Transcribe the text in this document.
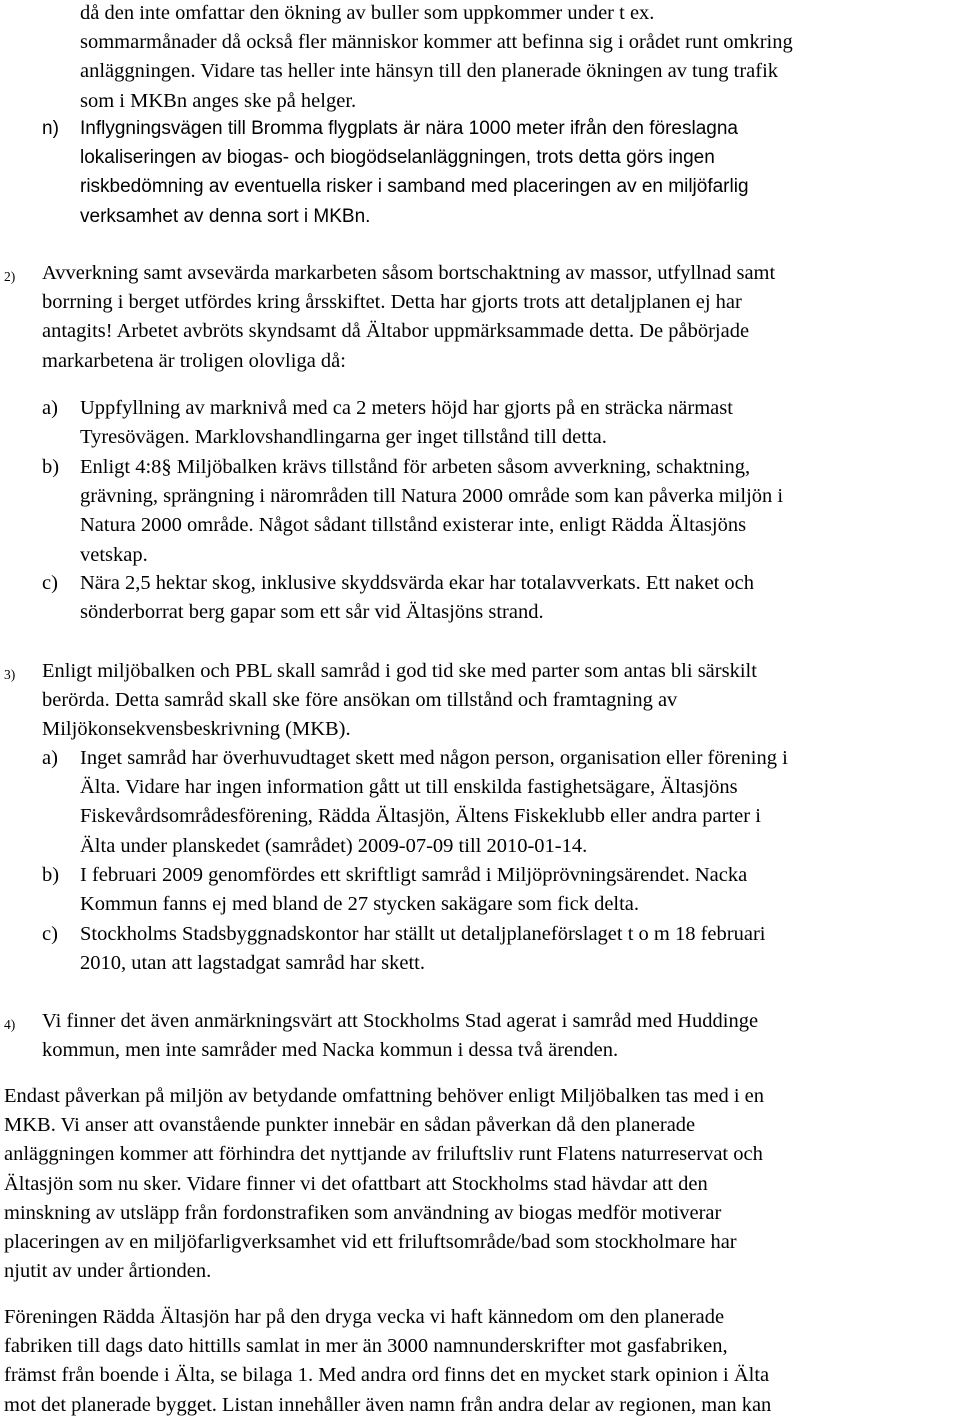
då den inte omfattar den ökning av buller som uppkommer under t ex.
sommarmånader då också fler människor kommer att befinna sig i orådet runt omkring
anläggningen. Vidare tas heller inte hänsyn till den planerade ökningen av tung trafik
som i MKBn anges ske på helger.
n) Inflygningsvägen till Bromma flygplats är nära 1000 meter ifrån den föreslagna
lokaliseringen av biogas- och biogödselanläggningen, trots detta görs ingen
riskbedömning av eventuella risker i samband med placeringen av en miljöfarlig
verksamhet av denna sort i MKBn.
2) Avverkning samt avsevärda markarbeten såsom bortschaktning av massor, utfyllnad samt
borrning i berget utfördes kring årsskiftet. Detta har gjorts trots att detaljplanen ej har
antagits! Arbetet avbröts skyndsamt då Ältabor uppmärksammade detta. De påbörjade
markarbetena är troligen olovliga då:
a) Uppfyllning av marknivå med ca 2 meters höjd har gjorts på en sträcka närmast
Tyresövägen. Marklovshandlingarna ger inget tillstånd till detta.
b) Enligt 4:8§ Miljöbalken krävs tillstånd för arbeten såsom avverkning, schaktning,
grävning, sprängning i närområden till Natura 2000 område som kan påverka miljön i
Natura 2000 område. Något sådant tillstånd existerar inte, enligt Rädda Ältasjöns
vetskap.
c) Nära 2,5 hektar skog, inklusive skyddsvärda ekar har totalavverkats. Ett naket och
sönderborrat berg gapar som ett sår vid Ältasjöns strand.
3) Enligt miljöbalken och PBL skall samråd i god tid ske med parter som antas bli särskilt
berörda. Detta samråd skall ske före ansökan om tillstånd och framtagning av
Miljökonsekvensbeskrivning (MKB).
a) Inget samråd har överhuvudtaget skett med någon person, organisation eller förening i
Älta. Vidare har ingen information gått ut till enskilda fastighetsägare, Ältasjöns
Fiskevårdsområdesförening, Rädda Ältasjön, Ältens Fiskeklubb eller andra parter i
Älta under planskedet (samrådet) 2009-07-09 till 2010-01-14.
b) I februari 2009 genomfördes ett skriftligt samråd i Miljöprövningsärendet. Nacka
Kommun fanns ej med bland de 27 stycken sakägare som fick delta.
c) Stockholms Stadsbyggnadskontor har ställt ut detaljplaneförslaget t o m 18 februari
2010, utan att lagstadgat samråd har skett.
4) Vi finner det även anmärkningsvärt att Stockholms Stad agerat i samråd med Huddinge
kommun, men inte samråder med Nacka kommun i dessa två ärenden.
Endast påverkan på miljön av betydande omfattning behöver enligt Miljöbalken tas med i en
MKB. Vi anser att ovanstående punkter innebär en sådan påverkan då den planerade
anläggningen kommer att förhindra det nyttjande av friluftsliv runt Flatens naturreservat och
Ältasjön som nu sker. Vidare finner vi det ofattbart att Stockholms stad hävdar att den
minskning av utsläpp från fordonstrafiken som användning av biogas medför motiverar
placeringen av en miljöfarligverksamhet vid ett friluftsområde/bad som stockholmare har
njutit av under årtionden.
Föreningen Rädda Ältasjön har på den dryga vecka vi haft kännedom om den planerade
fabriken till dags dato hittills samlat in mer än 3000 namnunderskrifter mot gasfabriken,
främst från boende i Älta, se bilaga 1. Med andra ord finns det en mycket stark opinion i Älta
mot det planerade bygget. Listan innehåller även namn från andra delar av regionen, man kan
